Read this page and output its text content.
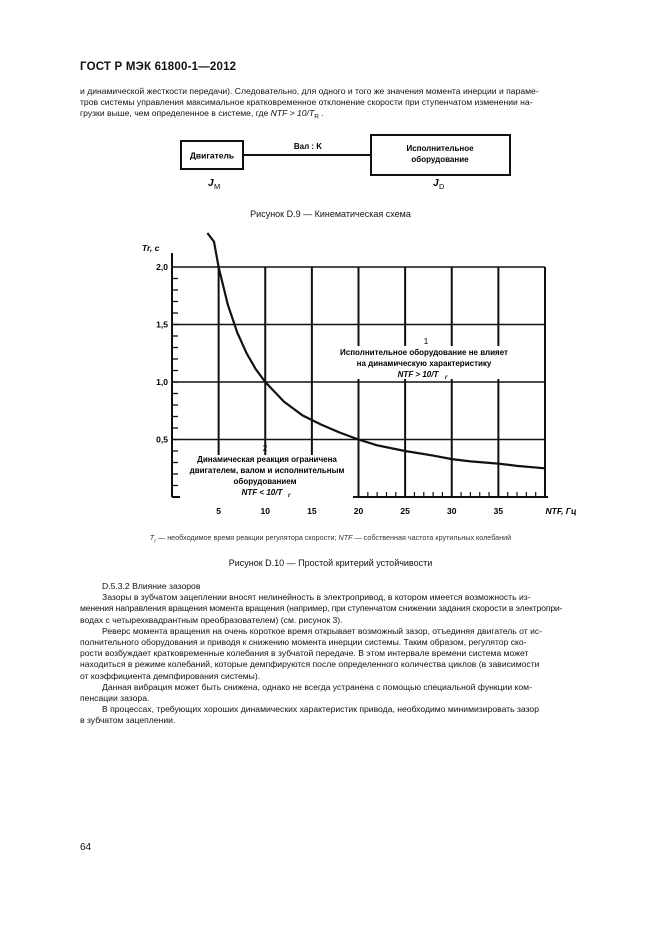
ГОСТ Р МЭК 61800-1—2012
и динамической жесткости передачи). Следовательно, для одного и того же значения момента инерции и параме-
тров системы управления максимальное кратковременное отклонение скорости при ступенчатом изменении на-
грузки выше, чем определенное в системе, где NTF > $10/T_R$ .
Двигатель
Вал : K	Исполнительное
оборудование
J M	J D
Рисунок D.9 — Кинематическая схема
0,5
1,0
1,5
2,0
5	10	15	20	25	30	35	NTF, Гц
Tr, с
1
Исполнительное оборудование не влияет
на динамическую характеристику
NTF > 10/T r
2
Динамическая реакция ограничена
двигателем, валом и исполнительным
оборудованием
NTF < 10/T r
$T_r$ — необходимое время реакции регулятора скорости; NTF — собственная частота крутильных колебаний
Рисунок D.10 — Простой критерий устойчивости
D.5.3.2 Влияние зазоров
Зазоры в зубчатом зацеплении вносят нелинейность в электропривод, в котором имеется возможность из-
менения направления вращения момента вращения (например, при ступенчатом снижении задания скорости в электропри-
водах с четырехквадрантным преобразователем) (см. рисунок 3).
Реверс момента вращения на очень короткое время открывает возможный зазор, отъединяя двигатель от ис-
полнительного оборудования и приводя к снижению момента инерции системы. Таким образом, регулятор ско-
рости возбуждает кратковременные колебания в зубчатой передаче. В этом интервале времени система может
находиться в режиме колебаний, которые демпфируются после определенного количества циклов (в зависимости
от коэффициента демпфирования системы).
Данная вибрация может быть снижена, однако не всегда устранена с помощью специальной функции ком-
пенсации зазора.
В процессах, требующих хороших динамических характеристик привода, необходимо минимизировать зазор
в зубчатом зацеплении.
64
